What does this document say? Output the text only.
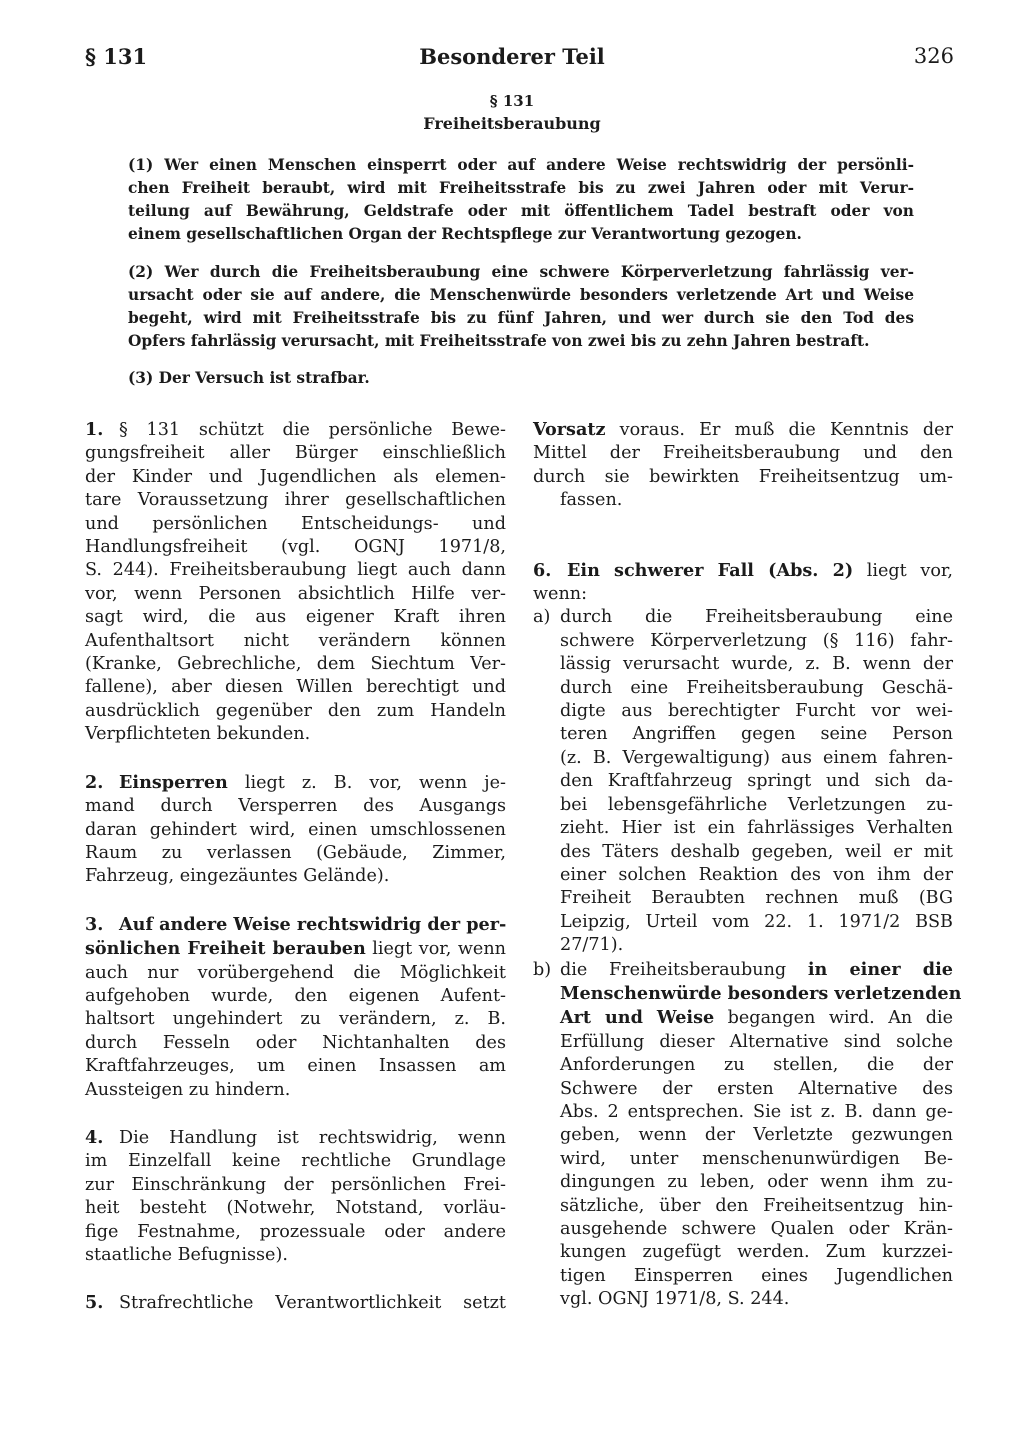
§ 131	Besonderer Teil	326
§ 131
Freiheitsberaubung
(1) Wer einen Menschen einsperrt oder auf andere Weise rechtswidrig der persönli-
chen Freiheit beraubt, wird mit Freiheitsstrafe bis zu zwei Jahren oder mit Verur-
teilung auf Bewährung, Geldstrafe oder mit öffentlichem Tadel bestraft oder von
einem gesellschaftlichen Organ der Rechtspflege zur Verantwortung gezogen.
(2) Wer durch die Freiheitsberaubung eine schwere Körperverletzung fahrlässig ver-
ursacht oder sie auf andere, die Menschenwürde besonders verletzende Art und Weise
begeht, wird mit Freiheitsstrafe bis zu fünf Jahren, und wer durch sie den Tod des
Opfers fahrlässig verursacht, mit Freiheitsstrafe von zwei bis zu zehn Jahren bestraft.
(3) Der Versuch ist strafbar.
1. § 131 schützt die persönliche Bewe-
gungsfreiheit aller Bürger einschließlich
der Kinder und Jugendlichen als elemen-
tare Voraussetzung ihrer gesellschaftlichen
und persönlichen Entscheidungs- und
Handlungsfreiheit (vgl. OGNJ 1971/8,
S. 244). Freiheitsberaubung liegt auch dann
vor, wenn Personen absichtlich Hilfe ver-
sagt wird, die aus eigener Kraft ihren
Aufenthaltsort nicht verändern können
(Kranke, Gebrechliche, dem Siechtum Ver-
fallene), aber diesen Willen berechtigt und
ausdrücklich gegenüber den zum Handeln
Verpflichteten bekunden.
2. Einsperren liegt z. B. vor, wenn je-
mand durch Versperren des Ausgangs
daran gehindert wird, einen umschlossenen
Raum zu verlassen (Gebäude, Zimmer,
Fahrzeug, eingezäuntes Gelände).
3. Auf andere Weise rechtswidrig der per-
sönlichen Freiheit berauben liegt vor, wenn
auch nur vorübergehend die Möglichkeit
aufgehoben wurde, den eigenen Aufent-
haltsort ungehindert zu verändern, z. B.
durch Fesseln oder Nichtanhalten des
Kraftfahrzeuges, um einen Insassen am
Aussteigen zu hindern.
4. Die Handlung ist rechtswidrig, wenn
im Einzelfall keine rechtliche Grundlage
zur Einschränkung der persönlichen Frei-
heit besteht (Notwehr, Notstand, vorläu-
fige Festnahme, prozessuale oder andere
staatliche Befugnisse).
5. Strafrechtliche Verantwortlichkeit setzt
Vorsatz voraus. Er muß die Kenntnis der
Mittel der Freiheitsberaubung und den
durch sie bewirkten Freiheitsentzug um-
fassen.
6. Ein schwerer Fall (Abs. 2) liegt vor,
wenn:
a) durch die Freiheitsberaubung eine
schwere Körperverletzung (§ 116) fahr-
lässig verursacht wurde, z. B. wenn der
durch eine Freiheitsberaubung Geschä-
digte aus berechtigter Furcht vor wei-
teren Angriffen gegen seine Person
(z. B. Vergewaltigung) aus einem fahren-
den Kraftfahrzeug springt und sich da-
bei lebensgefährliche Verletzungen zu-
zieht. Hier ist ein fahrlässiges Verhalten
des Täters deshalb gegeben, weil er mit
einer solchen Reaktion des von ihm der
Freiheit Beraubten rechnen muß (BG
Leipzig, Urteil vom 22. 1. 1971/2 BSB
27/71).
b) die Freiheitsberaubung in einer die
Menschenwürde besonders verletzenden
Art und Weise begangen wird. An die
Erfüllung dieser Alternative sind solche
Anforderungen zu stellen, die der
Schwere der ersten Alternative des
Abs. 2 entsprechen. Sie ist z. B. dann ge-
geben, wenn der Verletzte gezwungen
wird, unter menschenunwürdigen Be-
dingungen zu leben, oder wenn ihm zu-
sätzliche, über den Freiheitsentzug hin-
ausgehende schwere Qualen oder Krän-
kungen zugefügt werden. Zum kurzzei-
tigen Einsperren eines Jugendlichen
vgl. OGNJ 1971/8, S. 244.
